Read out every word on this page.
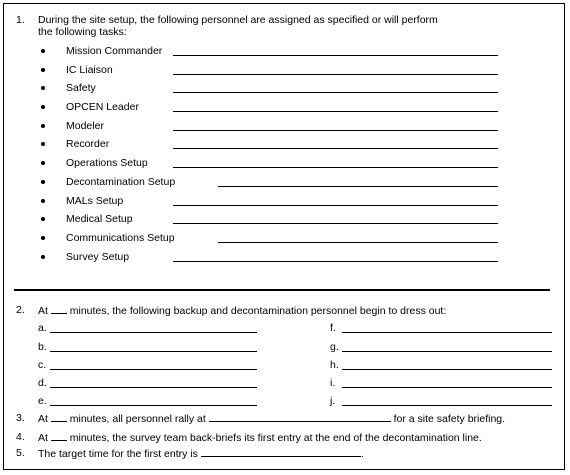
1. During the site setup, the following personnel are assigned as specified or will perform
the following tasks:
Mission Commander
IC Liaison
Safety
OPCEN Leader
Modeler
Recorder
Operations Setup
Decontamination Setup
MALs Setup
Medical Setup
Communications Setup
Survey Setup
2. At  minutes, the following backup and decontamination personnel begin to dress out:
a.
b.
c.
d.
e.
f.
g.
h.
i.
j.
3. At  minutes, all personnel rally at	for a site safety briefing.
4. At  minutes, the survey team back-briefs its first entry at the end of the decontamination line.
5. The target time for the first entry is	.
